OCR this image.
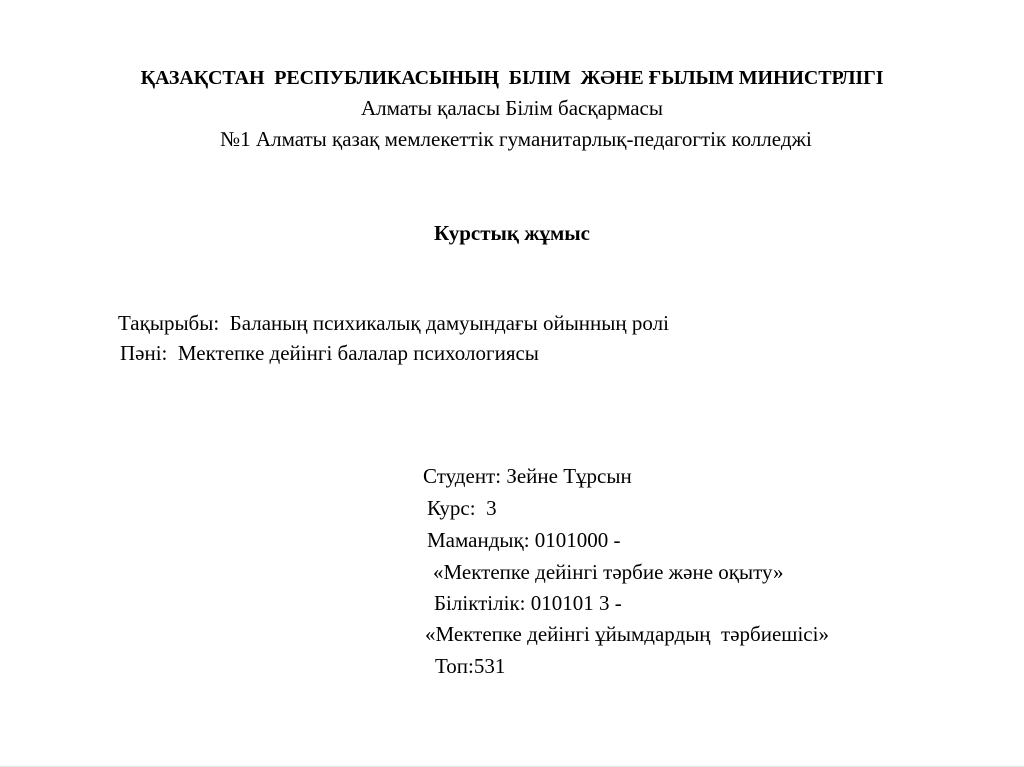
ҚАЗАҚСТАН  РЕСПУБЛИКАСЫНЫҢ  БІЛІМ  ЖӘНЕ ҒЫЛЫМ МИНИСТРЛІГІ
Алматы қаласы Білім басқармасы
№1 Алматы қазақ мемлекеттік гуманитарлық-педагогтік колледжі
Курстық жұмыс
Тақырыбы:  Баланың психикалық дамуындағы ойынның ролі
Пәні:  Мектепке дейінгі балалар психологиясы
Студент: Зейне Тұрсын
Курс:  3
Мамандық: 0101000 -
«Мектепке дейінгі тәрбие және оқыту»
Біліктілік: 010101 3 -
«Мектепке дейінгі ұйымдардың  тәрбиешісі»
Топ:531
